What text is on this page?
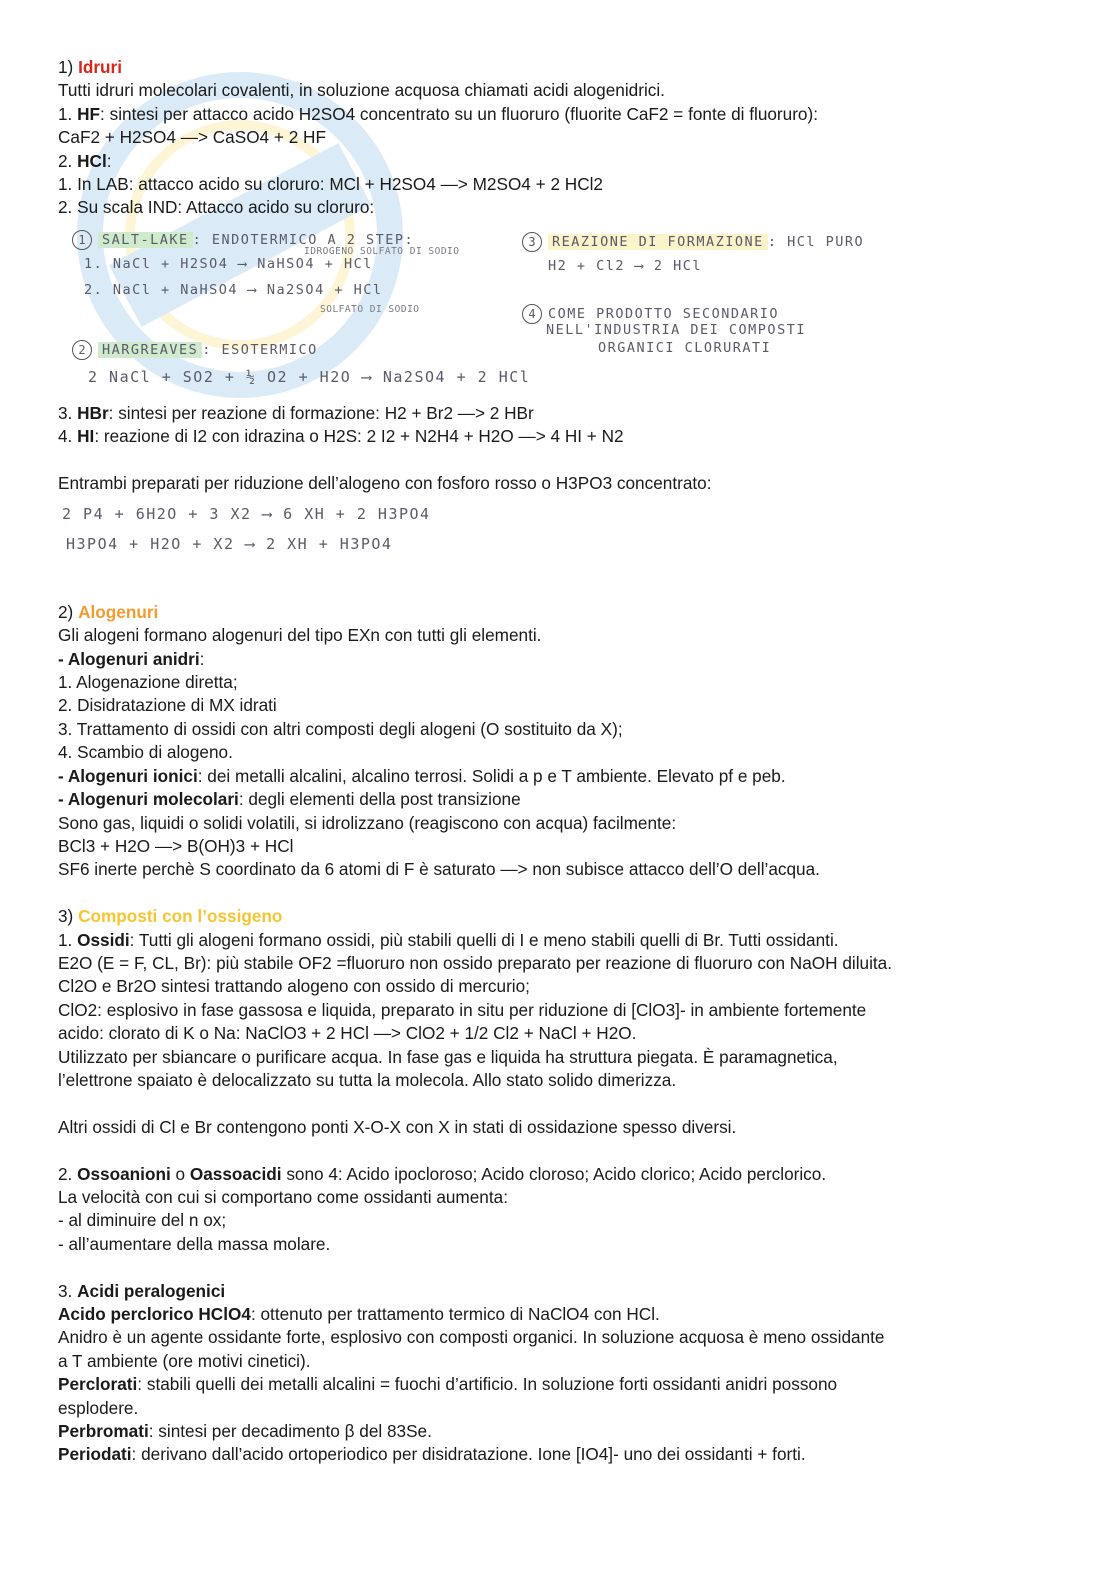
1) Idruri
Tutti idruri molecolari covalenti, in soluzione acquosa chiamati acidi alogenidrici.
1. HF: sintesi per attacco acido H2SO4 concentrato su un fluoruro (fluorite CaF2 = fonte di fluoruro):
CaF2 + H2SO4 —> CaSO4 + 2 HF
2. HCl:
1. In LAB: attacco acido su cloruro: MCl + H2SO4 —> M2SO4 + 2 HCl2
2. Su scala IND: Attacco acido su cloruro:
1 SALT-LAKE : ENDOTERMICO A 2 STEP:
IDROGENO SOLFATO DI SODIO
1. NaCl + H2SO4 ⟶ NaHSO4 + HCl
2. NaCl + NaHSO4 ⟶ Na2SO4 + HCl
SOLFATO DI SODIO
2 HARGREAVES : ESOTERMICO
2 NaCl + SO2 + ½ O2 + H2O ⟶ Na2SO4 + 2 HCl
3 REAZIONE DI FORMAZIONE : HCl PURO
H2 + Cl2 ⟶ 2 HCl
4 COME PRODOTTO SECONDARIO
NELL'INDUSTRIA DEI COMPOSTI
ORGANICI CLORURATI
3. HBr: sintesi per reazione di formazione: H2 + Br2 —> 2 HBr
4. HI: reazione di I2 con idrazina o H2S: 2 I2 + N2H4 + H2O —> 4 HI + N2
Entrambi preparati per riduzione dell’alogeno con fosforo rosso o H3PO3 concentrato:
2 P4 + 6H2O + 3 X2 ⟶ 6 XH + 2 H3PO4
H3PO4 + H2O + X2 ⟶ 2 XH + H3PO4
2) Alogenuri
Gli alogeni formano alogenuri del tipo EXn con tutti gli elementi.
- Alogenuri anidri:
1. Alogenazione diretta;
2. Disidratazione di MX idrati
3. Trattamento di ossidi con altri composti degli alogeni (O sostituito da X);
4. Scambio di alogeno.
- Alogenuri ionici: dei metalli alcalini, alcalino terrosi. Solidi a p e T ambiente. Elevato pf e peb.
- Alogenuri molecolari: degli elementi della post transizione
Sono gas, liquidi o solidi volatili, si idrolizzano (reagiscono con acqua) facilmente:
BCl3 + H2O —> B(OH)3 + HCl
SF6 inerte perchè S coordinato da 6 atomi di F è saturato —> non subisce attacco dell’O dell’acqua.
3) Composti con l’ossigeno
1. Ossidi: Tutti gli alogeni formano ossidi, più stabili quelli di I e meno stabili quelli di Br. Tutti ossidanti.
E2O (E = F, CL, Br): più stabile OF2 =fluoruro non ossido preparato per reazione di fluoruro con NaOH diluita.
Cl2O e Br2O sintesi trattando alogeno con ossido di mercurio;
ClO2: esplosivo in fase gassosa e liquida, preparato in situ per riduzione di [ClO3]- in ambiente fortemente
acido: clorato di K o Na: NaClO3 + 2 HCl —> ClO2 + 1/2 Cl2 + NaCl + H2O.
Utilizzato per sbiancare o purificare acqua. In fase gas e liquida ha struttura piegata. È paramagnetica,
l’elettrone spaiato è delocalizzato su tutta la molecola. Allo stato solido dimerizza.
Altri ossidi di Cl e Br contengono ponti X-O-X con X in stati di ossidazione spesso diversi.
2. Ossoanioni o Oassoacidi sono 4: Acido ipocloroso; Acido cloroso; Acido clorico; Acido perclorico.
La velocità con cui si comportano come ossidanti aumenta:
- al diminuire del n ox;
- all’aumentare della massa molare.
3. Acidi peralogenici
Acido perclorico HClO4: ottenuto per trattamento termico di NaClO4 con HCl.
Anidro è un agente ossidante forte, esplosivo con composti organici. In soluzione acquosa è meno ossidante
a T ambiente (ore motivi cinetici).
Perclorati: stabili quelli dei metalli alcalini = fuochi d’artificio. In soluzione forti ossidanti anidri possono
esplodere.
Perbromati: sintesi per decadimento β del 83Se.
Periodati: derivano dall’acido ortoperiodico per disidratazione. Ione [IO4]- uno dei ossidanti + forti.
